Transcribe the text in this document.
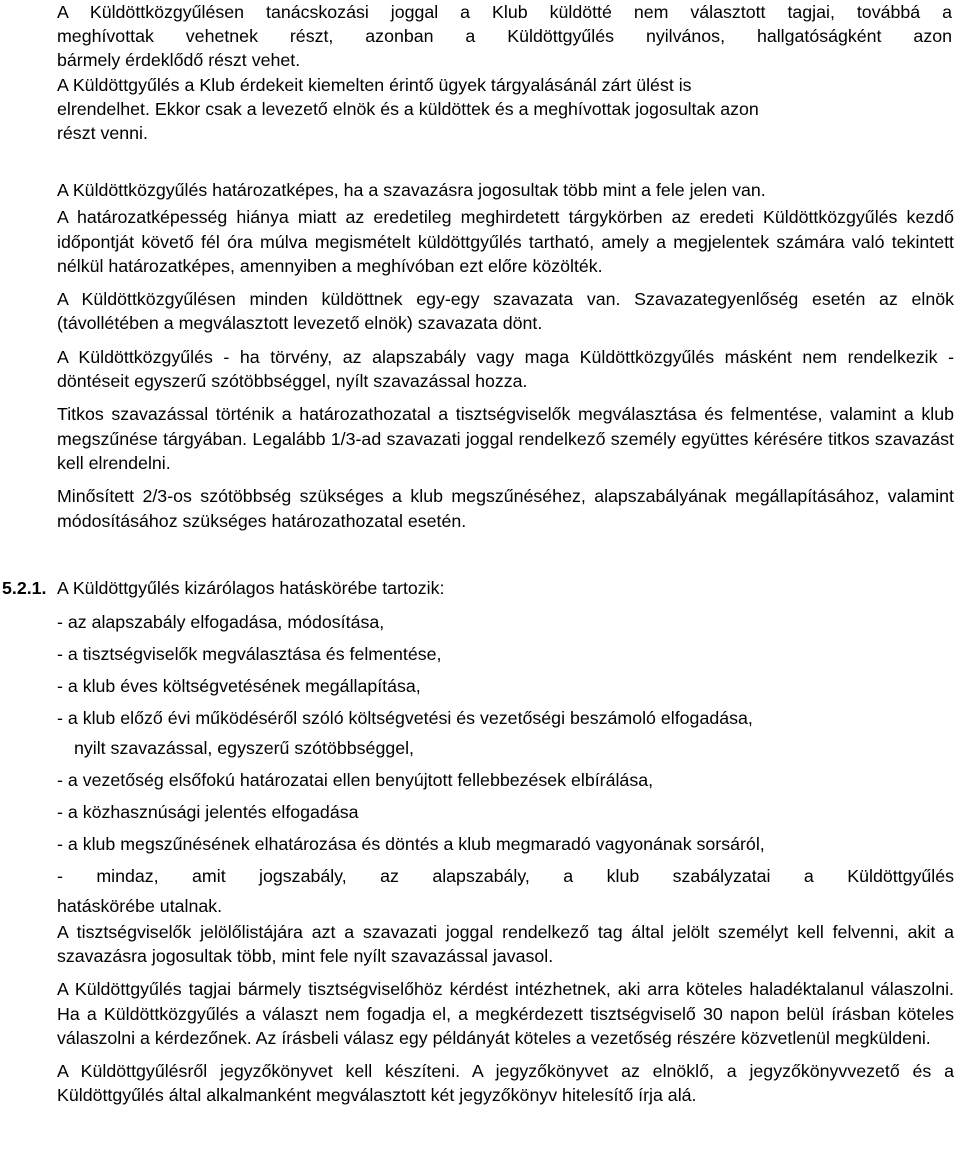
A Küldöttközgyűlésen tanácskozási joggal a Klub küldötté nem választott tagjai, továbbá a
meghívottak vehetnek részt, azonban a Küldöttgyűlés nyilvános, hallgatóságként azon
bármely érdeklődő részt vehet.
A Küldöttgyűlés a Klub érdekeit kiemelten érintő ügyek tárgyalásánál zárt ülést is
elrendelhet. Ekkor csak a levezető elnök és a küldöttek és a meghívottak jogosultak azon
részt venni.

A Küldöttközgyűlés határozatképes, ha a szavazásra jogosultak több mint a fele jelen van.

A határozatképesség hiánya miatt az eredetileg meghirdetett tárgykörben az eredeti Küldöttközgyűlés kezdő időpontját követő fél óra múlva megismételt küldöttgyűlés tartható, amely a megjelentek számára való tekintett nélkül határozatképes, amennyiben a meghívóban ezt előre közölték.

A Küldöttközgyűlésen minden küldöttnek egy-egy szavazata van. Szavazategyenlőség esetén az elnök (távollétében a megválasztott levezető elnök) szavazata dönt.

A Küldöttközgyűlés - ha törvény, az alapszabály vagy maga Küldöttközgyűlés másként nem rendelkezik - döntéseit egyszerű szótöbbséggel, nyílt szavazással hozza.

Titkos szavazással történik a határozathozatal a tisztségviselők megválasztása és felmentése, valamint a klub megszűnése tárgyában. Legalább 1/3-ad szavazati joggal rendelkező személy együttes kérésére titkos szavazást kell elrendelni.

Minősített 2/3-os szótöbbség szükséges a klub megszűnéséhez, alapszabályának megállapításához, valamint módosításához szükséges határozathozatal esetén.

5.2.1. A Küldöttgyűlés kizárólagos hatáskörébe tartozik:
- az alapszabály elfogadása, módosítása,
- a tisztségviselők megválasztása és felmentése,
- a klub éves költségvetésének megállapítása,
- a klub előző évi működéséről szóló költségvetési és vezetőségi beszámoló elfogadása,
nyilt szavazással, egyszerű szótöbbséggel,
- a vezetőség elsőfokú határozatai ellen benyújtott fellebbezések elbírálása,
- a közhasznúsági jelentés elfogadása
- a klub megszűnésének elhatározása és döntés a klub megmaradó vagyonának sorsáról,
- mindaz, amit jogszabály, az alapszabály, a klub szabályzatai a Küldöttgyűlés
hatáskörébe utalnak.

A tisztségviselők jelölőlistájára azt a szavazati joggal rendelkező tag által jelölt személyt kell felvenni, akit a szavazásra jogosultak több, mint fele nyílt szavazással javasol.

A Küldöttgyűlés tagjai bármely tisztségviselőhöz kérdést intézhetnek, aki arra köteles haladéktalanul válaszolni. Ha a Küldöttközgyűlés a választ nem fogadja el, a megkérdezett tisztségviselő 30 napon belül írásban köteles válaszolni a kérdezőnek. Az írásbeli válasz egy példányát köteles a vezetőség részére közvetlenül megküldeni.

A Küldöttgyűlésről jegyzőkönyvet kell készíteni. A jegyzőkönyvet az elnöklő, a jegyzőkönyvvezető és a Küldöttgyűlés által alkalmanként megválasztott két jegyzőkönyv hitelesítő írja alá.
